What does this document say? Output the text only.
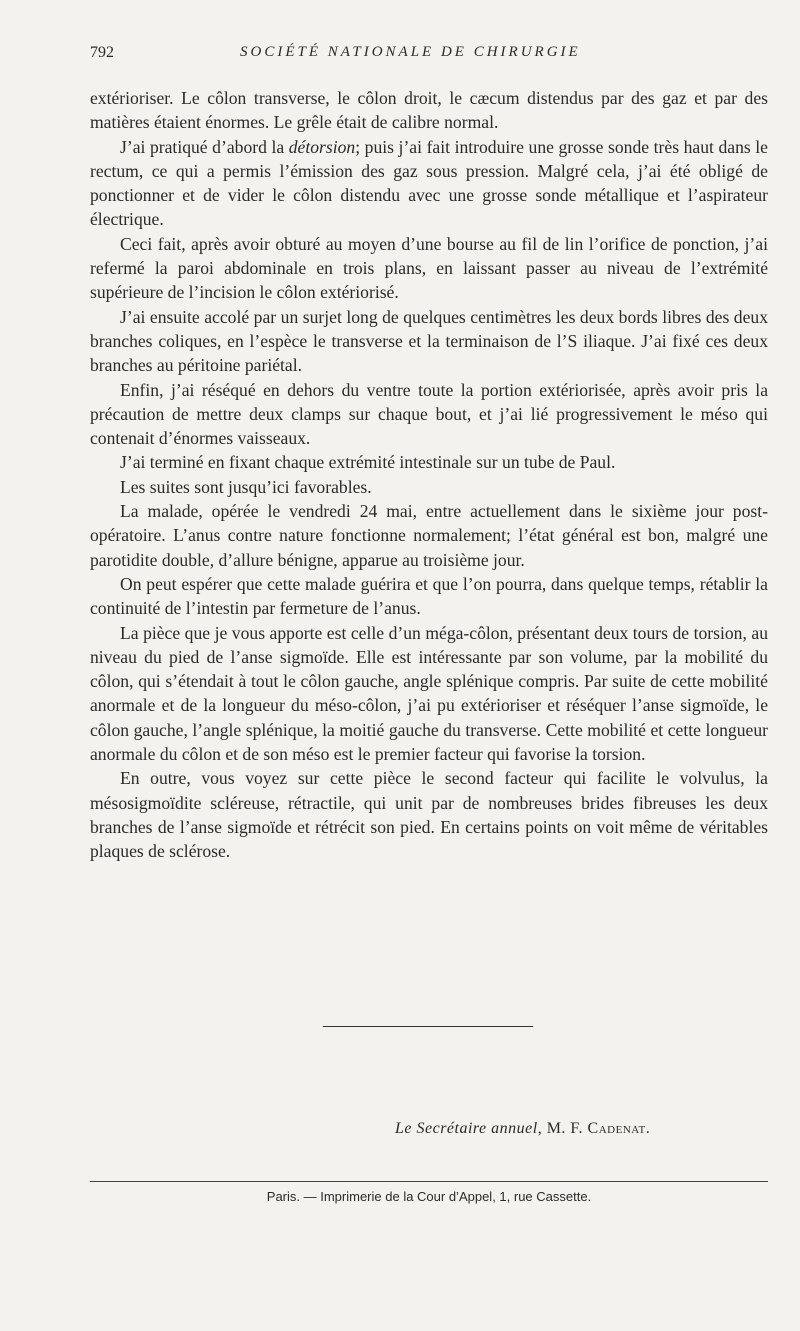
792	SOCIÉTÉ NATIONALE DE CHIRURGIE

extérioriser. Le côlon transverse, le côlon droit, le cæcum distendus par des gaz et par des matières étaient énormes. Le grêle était de calibre normal.

J’ai pratiqué d’abord la détorsion; puis j’ai fait introduire une grosse sonde très haut dans le rectum, ce qui a permis l’émission des gaz sous pression. Malgré cela, j’ai été obligé de ponctionner et de vider le côlon distendu avec une grosse sonde métallique et l’aspirateur électrique.

Ceci fait, après avoir obturé au moyen d’une bourse au fil de lin l’orifice de ponction, j’ai refermé la paroi abdominale en trois plans, en laissant passer au niveau de l’extrémité supérieure de l’incision le côlon extériorisé.

J’ai ensuite accolé par un surjet long de quelques centimètres les deux bords libres des deux branches coliques, en l’espèce le transverse et la terminaison de l’S iliaque. J’ai fixé ces deux branches au péritoine pariétal.

Enfin, j’ai réséqué en dehors du ventre toute la portion extériorisée, après avoir pris la précaution de mettre deux clamps sur chaque bout, et j’ai lié progressivement le méso qui contenait d’énormes vaisseaux.

J’ai terminé en fixant chaque extrémité intestinale sur un tube de Paul.

Les suites sont jusqu’ici favorables.

La malade, opérée le vendredi 24 mai, entre actuellement dans le sixième jour post-opératoire. L’anus contre nature fonctionne normalement; l’état général est bon, malgré une parotidite double, d’allure bénigne, apparue au troisième jour.

On peut espérer que cette malade guérira et que l’on pourra, dans quelque temps, rétablir la continuité de l’intestin par fermeture de l’anus.

La pièce que je vous apporte est celle d’un méga-côlon, présentant deux tours de torsion, au niveau du pied de l’anse sigmoïde. Elle est intéressante par son volume, par la mobilité du côlon, qui s’étendait à tout le côlon gauche, angle splénique compris. Par suite de cette mobilité anormale et de la longueur du méso-côlon, j’ai pu extérioriser et réséquer l’anse sigmoïde, le côlon gauche, l’angle splénique, la moitié gauche du transverse. Cette mobilité et cette longueur anormale du côlon et de son méso est le premier facteur qui favorise la torsion.

En outre, vous voyez sur cette pièce le second facteur qui facilite le volvulus, la mésosigmoïdite scléreuse, rétractile, qui unit par de nombreuses brides fibreuses les deux branches de l’anse sigmoïde et rétrécit son pied. En certains points on voit même de véritables plaques de sclérose.

Le Secrétaire annuel, M. F. Cadenat.
Paris. — Imprimerie de la Cour d’Appel, 1, rue Cassette.
